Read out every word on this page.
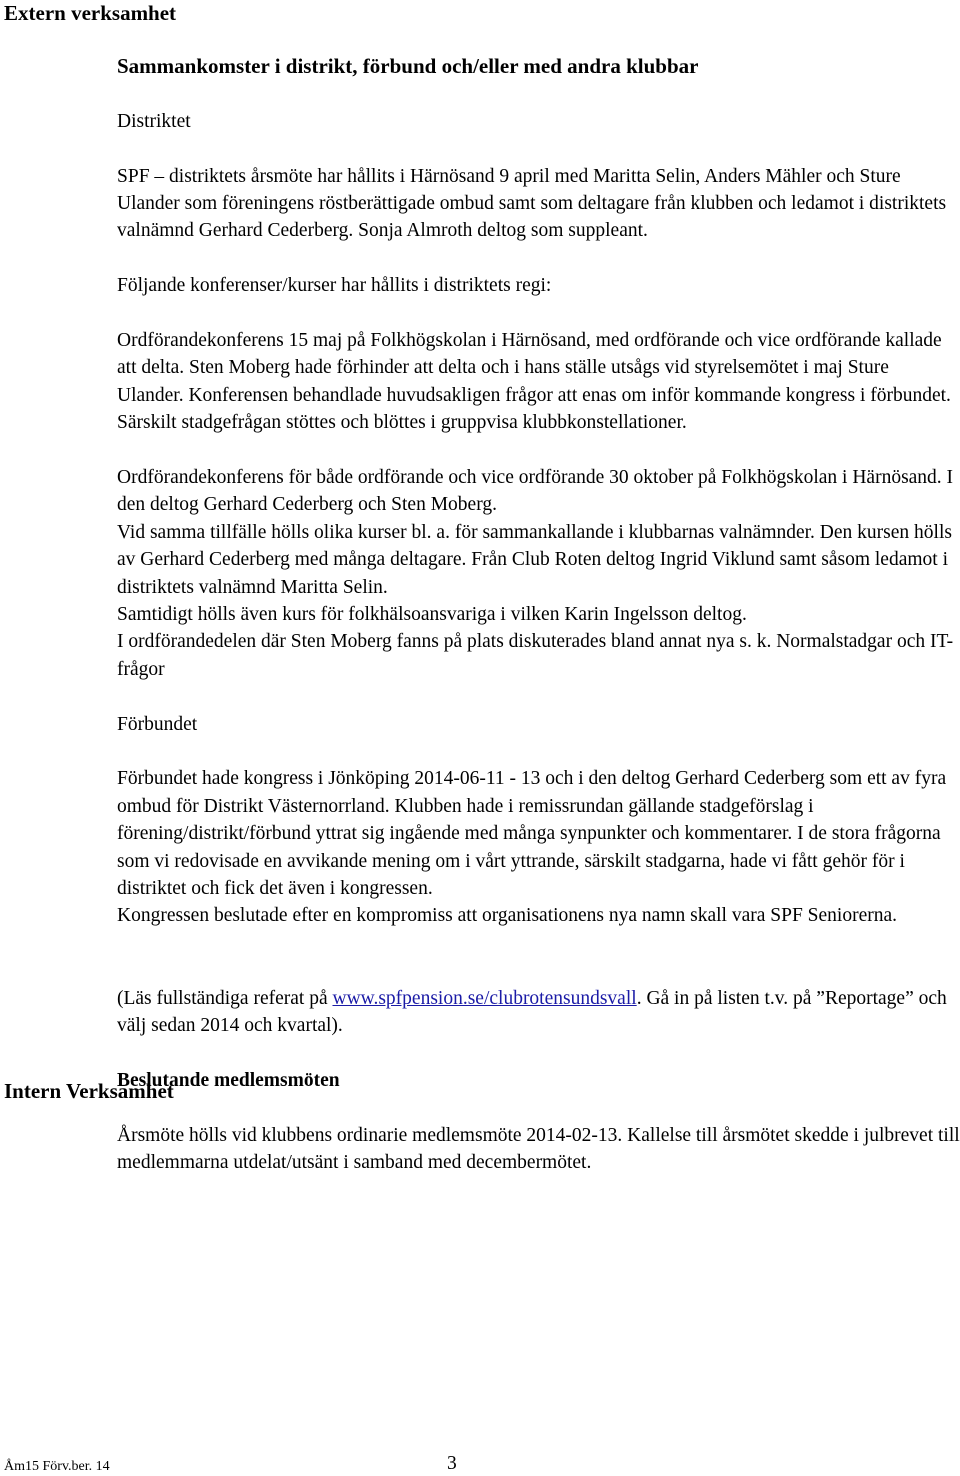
Extern verksamhet
Sammankomster i distrikt, förbund och/eller med andra klubbar

Distriktet

SPF – distriktets årsmöte har hållits i Härnösand 9 april med Maritta Selin, Anders Mähler och Sture Ulander som föreningens röstberättigade ombud samt som deltagare från klubben och ledamot i distriktets valnämnd Gerhard Cederberg. Sonja Almroth deltog som suppleant.

Följande konferenser/kurser har hållits i distriktets regi:

Ordförandekonferens 15 maj på Folkhögskolan i Härnösand, med ordförande och vice ordförande kallade att delta. Sten Moberg hade förhinder att delta och i hans ställe utsågs vid styrelsemötet i maj Sture Ulander. Konferensen behandlade huvudsakligen frågor att enas om inför kommande kongress i förbundet. Särskilt stadgefrågan stöttes och blöttes i gruppvisa klubbkonstellationer.

Ordförandekonferens för både ordförande och vice ordförande 30 oktober på Folkhögskolan i Härnösand. I den deltog Gerhard Cederberg och Sten Moberg.

Vid samma tillfälle hölls olika kurser bl. a. för sammankallande i klubbarnas valnämnder. Den kursen hölls av Gerhard Cederberg med många deltagare. Från Club Roten deltog Ingrid Viklund samt såsom ledamot i distriktets valnämnd Maritta Selin.

Samtidigt hölls även kurs för folkhälsoansvariga i vilken Karin Ingelsson deltog.

I ordförandedelen där Sten Moberg fanns på plats diskuterades bland annat nya s. k. Normalstadgar och IT-frågor

Förbundet

Förbundet hade kongress i Jönköping 2014-06-11 - 13 och i den deltog Gerhard Cederberg som ett av fyra ombud för Distrikt Västernorrland. Klubben hade i remissrundan gällande stadgeförslag i förening/distrikt/förbund yttrat sig ingående med många synpunkter och kommentarer. I de stora frågorna som vi redovisade en avvikande mening om i vårt yttrande, särskilt stadgarna, hade vi fått gehör för i distriktet och fick det även i kongressen.

Kongressen beslutade efter en kompromiss att organisationens nya namn skall vara SPF Seniorerna.

(Läs fullständiga referat på www.spfpension.se/clubrotensundsvall. Gå in på listen t.v. på ”Reportage” och välj sedan 2014 och kvartal).

Beslutande medlemsmöten

Årsmöte hölls vid klubbens ordinarie medlemsmöte 2014-02-13. Kallelse till årsmötet skedde i julbrevet till medlemmarna utdelat/utsänt i samband med decembermötet.

Intern Verksamhet
Åm15 Förv.ber. 14	3
